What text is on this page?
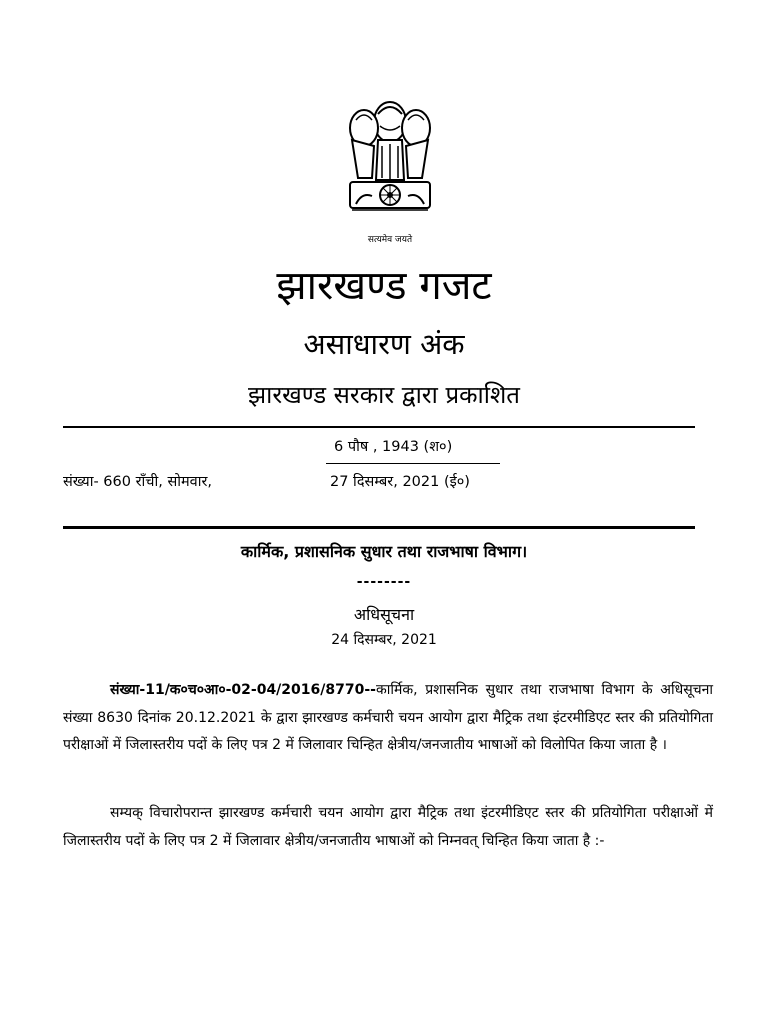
सत्यमेव जयते
झारखण्ड गजट
असाधारण अंक
झारखण्ड सरकार द्वारा प्रकाशित
6 पौष , 1943 (श०)
संख्या- 660 राँची, सोमवार,	27 दिसम्बर, 2021 (ई०)
कार्मिक, प्रशासनिक सुधार तथा राजभाषा विभाग।
--------
अधिसूचना
24 दिसम्बर, 2021
संख्या-11/क०च०आ०-02-04/2016/8770--कार्मिक, प्रशासनिक सुधार तथा राजभाषा विभाग के अधिसूचना संख्या 8630 दिनांक 20.12.2021 के द्वारा झारखण्ड कर्मचारी चयन आयोग द्वारा मैट्रिक तथा इंटरमीडिएट स्तर की प्रतियोगिता परीक्षाओं में जिलास्तरीय पदों के लिए पत्र 2 में जिलावार चिन्हित क्षेत्रीय/जनजातीय भाषाओं को विलोपित किया जाता है ।
सम्यक् विचारोपरान्त झारखण्ड कर्मचारी चयन आयोग द्वारा मैट्रिक तथा इंटरमीडिएट स्तर की प्रतियोगिता परीक्षाओं में जिलास्तरीय पदों के लिए पत्र 2 में जिलावार क्षेत्रीय/जनजातीय भाषाओं को निम्नवत् चिन्हित किया जाता है :-
